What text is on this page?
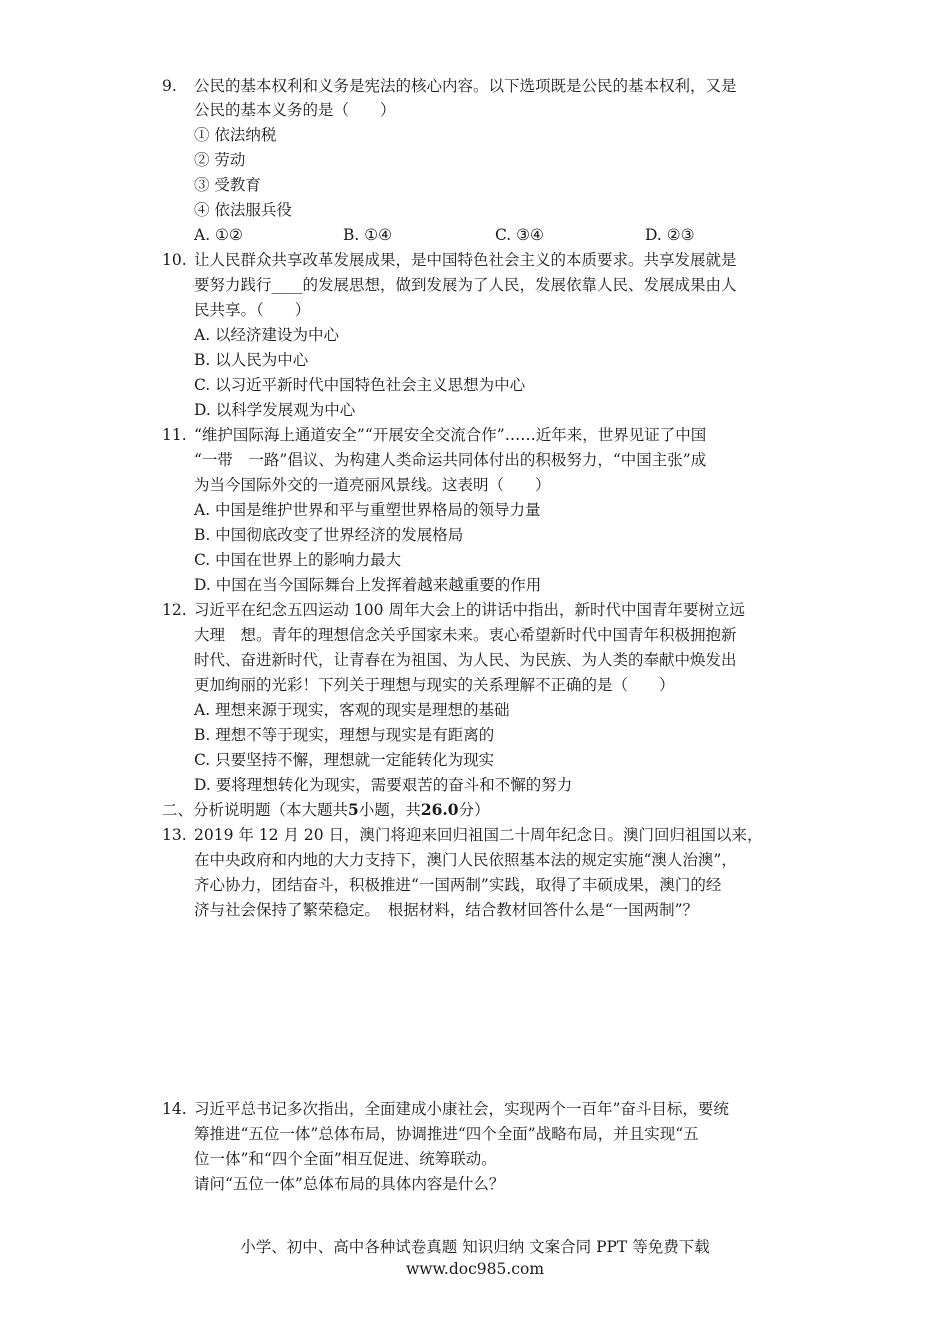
9. 公民的基本权利和义务是宪法的核心内容。以下选项既是公民的基本权利，又是
公民的基本义务的是（　　）
① 依法纳税
② 劳动
③ 受教育
④ 依法服兵役
A. ①②	B. ①④	C. ③④	D. ②③
10. 让人民群众共享改革发展成果，是中国特色社会主义的本质要求。共享发展就是
要努力践行____的发展思想，做到发展为了人民，发展依靠人民、发展成果由人
民共享。（　　）
A. 以经济建设为中心
B. 以人民为中心
C. 以习近平新时代中国特色社会主义思想为中心
D. 以科学发展观为中心
11. “维护国际海上通道安全”“开展安全交流合作”……近年来，世界见证了中国
“一带　一路”倡议、为构建人类命运共同体付出的积极努力，“中国主张”成
为当今国际外交的一道亮丽风景线。这表明（　　）
A. 中国是维护世界和平与重塑世界格局的领导力量
B. 中国彻底改变了世界经济的发展格局
C. 中国在世界上的影响力最大
D. 中国在当今国际舞台上发挥着越来越重要的作用
12. 习近平在纪念五四运动 100 周年大会上的讲话中指出，新时代中国青年要树立远
大理　想。青年的理想信念关乎国家未来。衷心希望新时代中国青年积极拥抱新
时代、奋进新时代，让青春在为祖国、为人民、为民族、为人类的奉献中焕发出
更加绚丽的光彩！下列关于理想与现实的关系理解不正确的是（　　）
A. 理想来源于现实，客观的现实是理想的基础
B. 理想不等于现实，理想与现实是有距离的
C. 只要坚持不懈，理想就一定能转化为现实
D. 要将理想转化为现实，需要艰苦的奋斗和不懈的努力
二、分析说明题（本大题共5小题，共26.0分）
13. 2019 年 12 月 20 日，澳门将迎来回归祖国二十周年纪念日。澳门回归祖国以来，
在中央政府和内地的大力支持下，澳门人民依照基本法的规定实施“澳人治澳”，
齐心协力，团结奋斗，积极推进“一国两制”实践，取得了丰硕成果，澳门的经
济与社会保持了繁荣稳定。　根据材料，结合教材回答什么是“一国两制”？
14. 习近平总书记多次指出，全面建成小康社会，实现两个一百年”奋斗目标，要统
筹推进“五位一体”总体布局，协调推进“四个全面”战略布局，并且实现“五
位一体”和“四个全面”相互促进、统筹联动。
请问“五位一体”总体布局的具体内容是什么？
小学、初中、高中各种试卷真题 知识归纳 文案合同 PPT 等免费下载
www.doc985.com
